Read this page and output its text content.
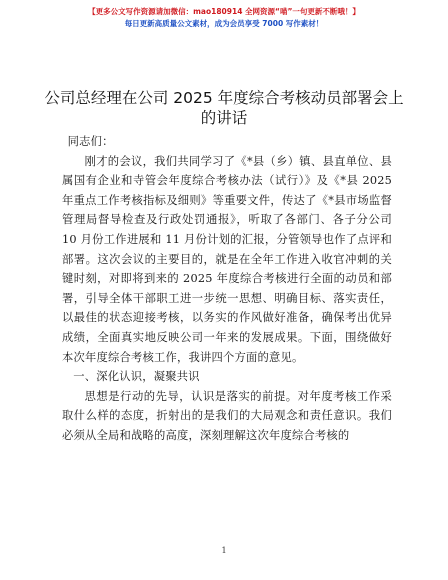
【更多公文写作资源请加微信：mao180914 全网资源“喵”一句更新不断哦！】
每日更新高质量公文素材，成为会员享受 7000 写作素材！
公司总经理在公司 2025 年度综合考核动员部署会上的讲话

同志们：

刚才的会议，我们共同学习了《*县（乡）镇、县直单位、县属国有企业和寺管会年度综合考核办法（试行）》及《*县 2025 年重点工作考核指标及细则》等重要文件，传达了《*县市场监督管理局督导检查及行政处罚通报》，听取了各部门、各子分公司 10 月份工作进展和 11 月份计划的汇报，分管领导也作了点评和部署。这次会议的主要目的，就是在全年工作进入收官冲刺的关键时刻，对即将到来的 2025 年度综合考核进行全面的动员和部署，引导全体干部职工进一步统一思想、明确目标、落实责任，以最佳的状态迎接考核，以务实的作风做好准备，确保考出优异成绩，全面真实地反映公司一年来的发展成果。下面，围绕做好本次年度综合考核工作，我讲四个方面的意见。

一、深化认识，凝聚共识

思想是行动的先导，认识是落实的前提。对年度考核工作采取什么样的态度，折射出的是我们的大局观念和责任意识。我们必须从全局和战略的高度，深刻理解这次年度综合考核的

1
